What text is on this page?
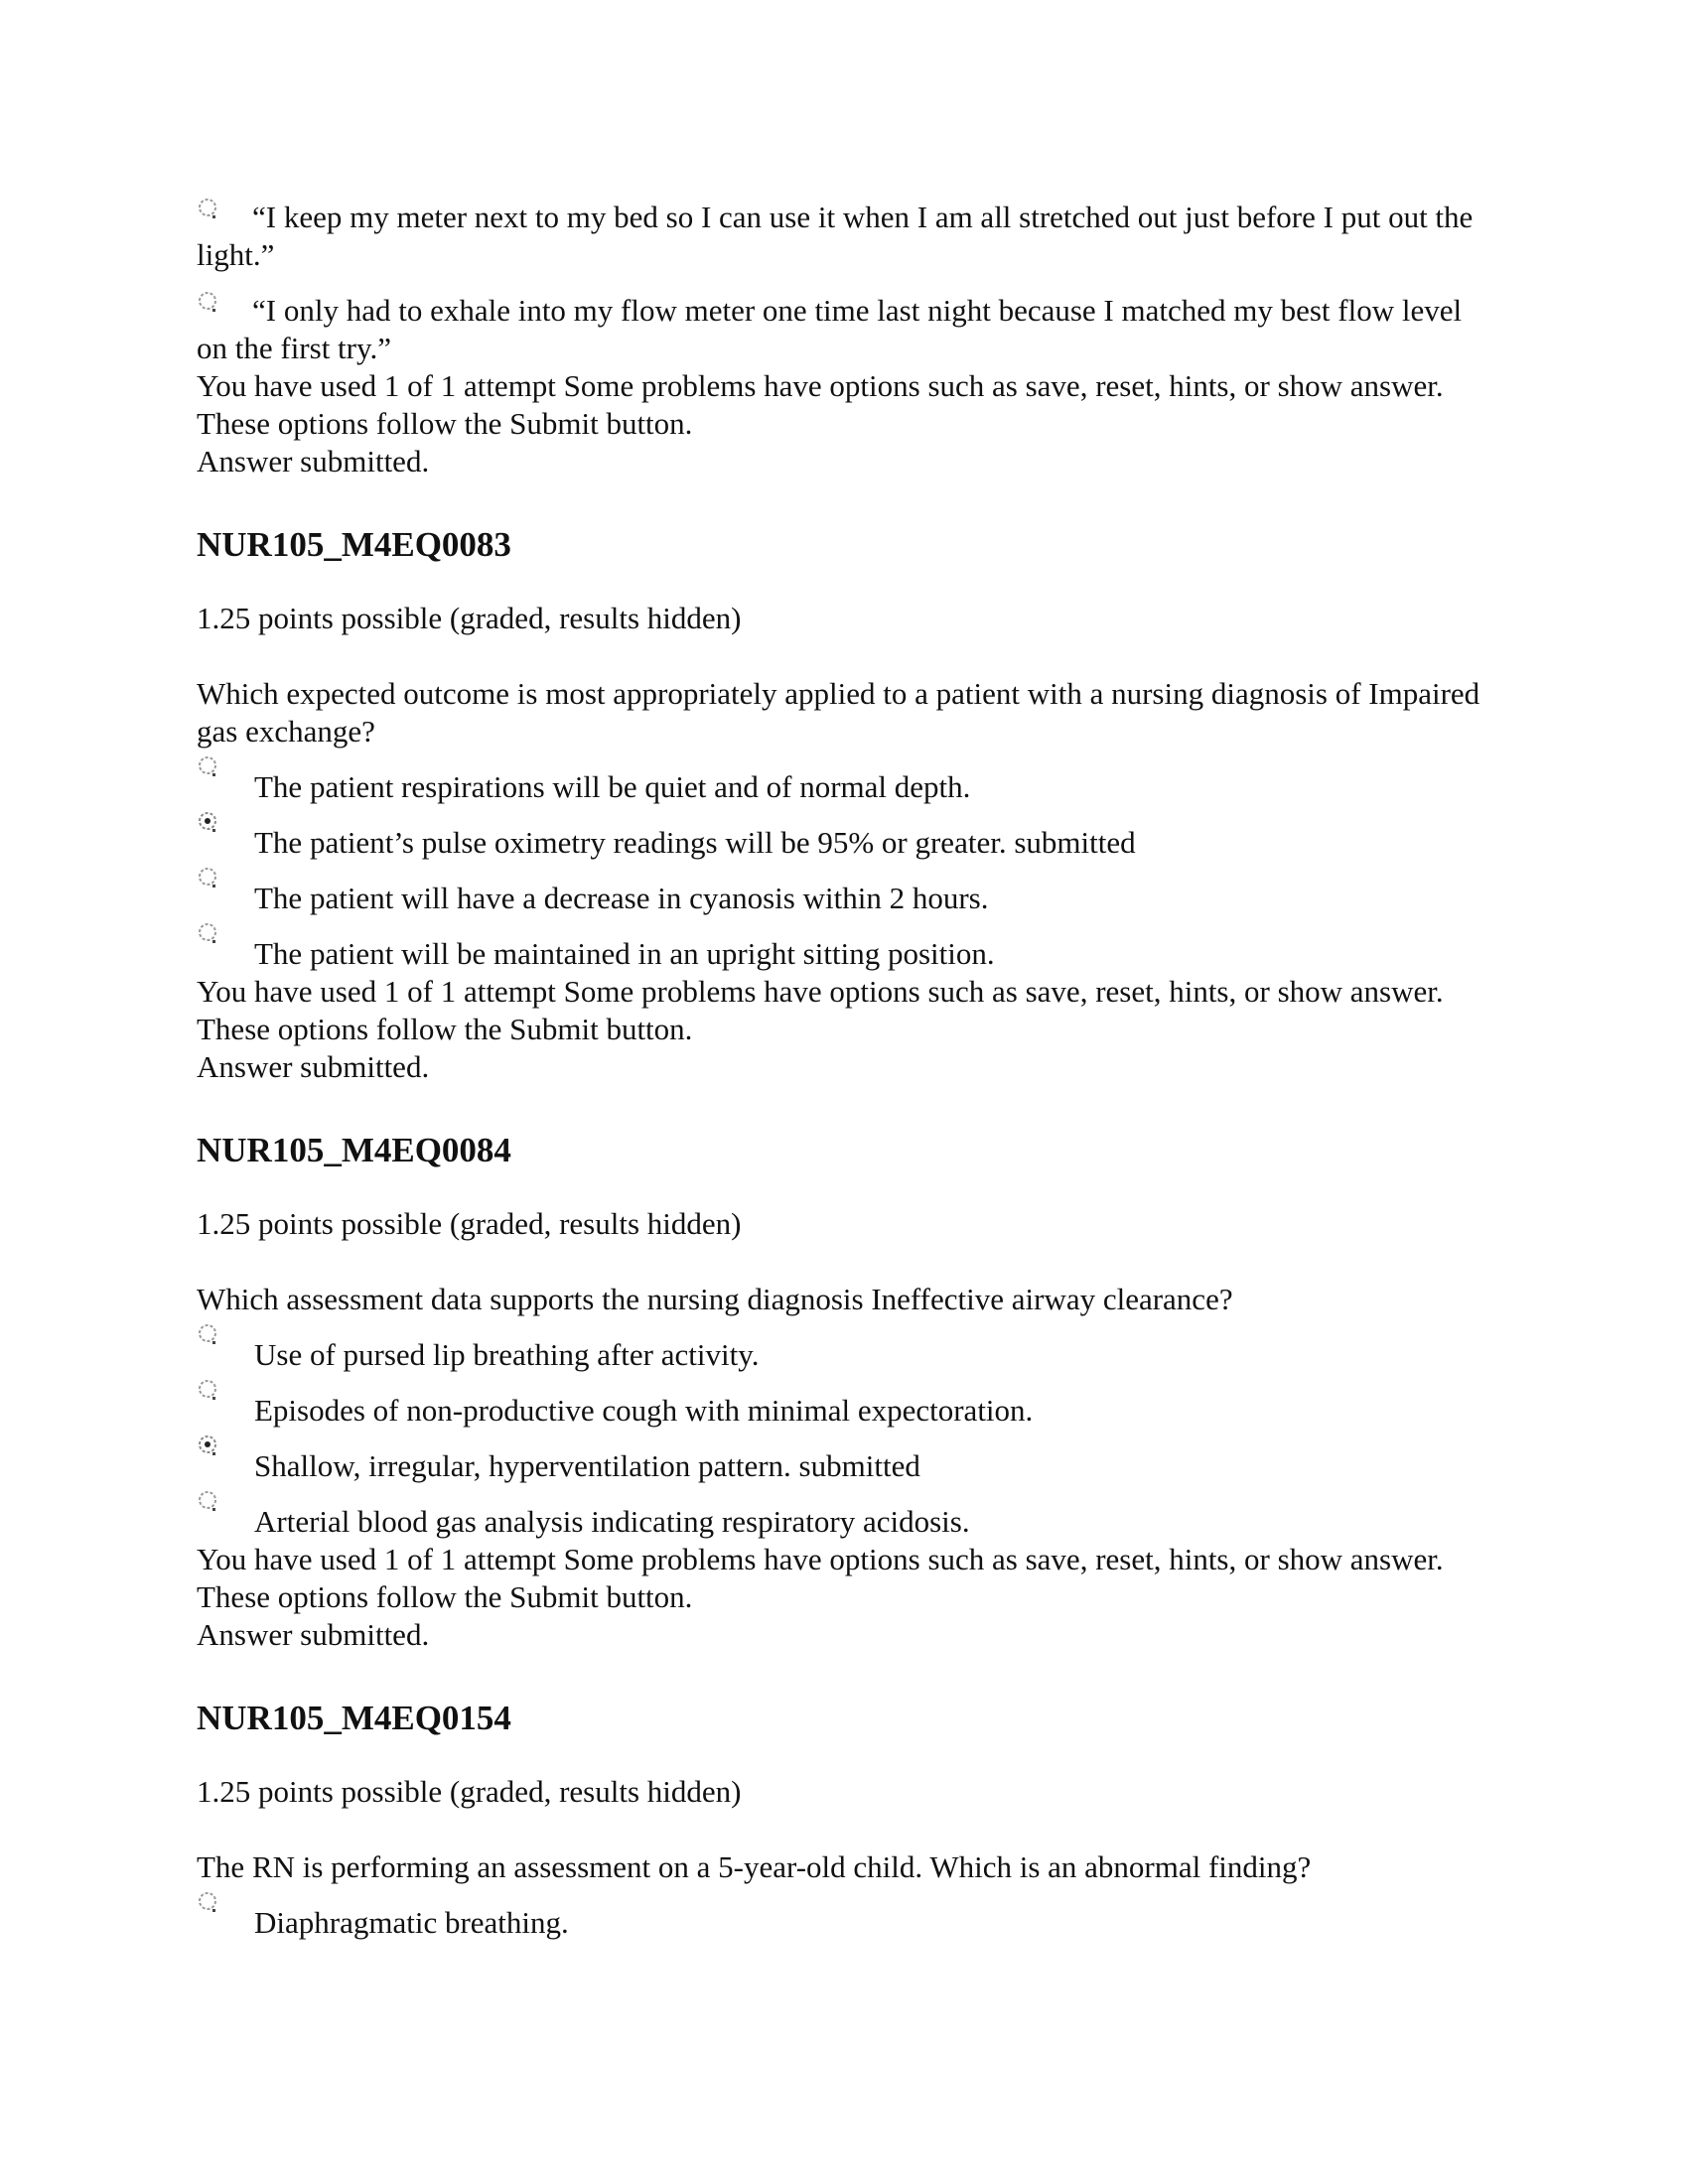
“I keep my meter next to my bed so I can use it when I am all stretched out just before I put out the light.”
“I only had to exhale into my flow meter one time last night because I matched my best flow level on the first try.”

You have used 1 of 1 attempt Some problems have options such as save, reset, hints, or show answer. These options follow the Submit button.

Answer submitted.

NUR105_M4EQ0083

1.25 points possible (graded, results hidden)

Which expected outcome is most appropriately applied to a patient with a nursing diagnosis of Impaired gas exchange?

The patient respirations will be quiet and of normal depth.
The patient’s pulse oximetry readings will be 95% or greater. submitted
The patient will have a decrease in cyanosis within 2 hours.
The patient will be maintained in an upright sitting position.

You have used 1 of 1 attempt Some problems have options such as save, reset, hints, or show answer. These options follow the Submit button.

Answer submitted.

NUR105_M4EQ0084

1.25 points possible (graded, results hidden)

Which assessment data supports the nursing diagnosis Ineffective airway clearance?

Use of pursed lip breathing after activity.
Episodes of non-productive cough with minimal expectoration.
Shallow, irregular, hyperventilation pattern. submitted
Arterial blood gas analysis indicating respiratory acidosis.

You have used 1 of 1 attempt Some problems have options such as save, reset, hints, or show answer. These options follow the Submit button.

Answer submitted.

NUR105_M4EQ0154

1.25 points possible (graded, results hidden)

The RN is performing an assessment on a 5-year-old child. Which is an abnormal finding?

Diaphragmatic breathing.
